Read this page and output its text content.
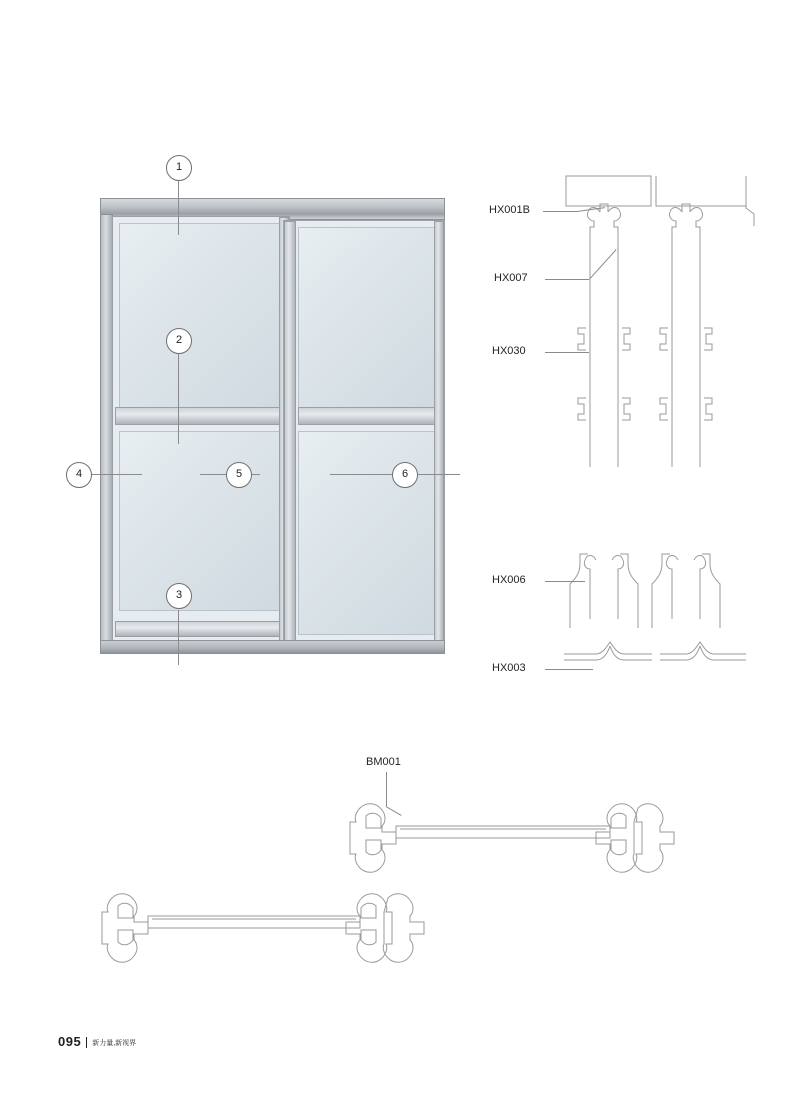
1
2
3
4	5	6
HX001B
HX007
HX030
HX006
HX003
BM001
095 新力量,新视界
